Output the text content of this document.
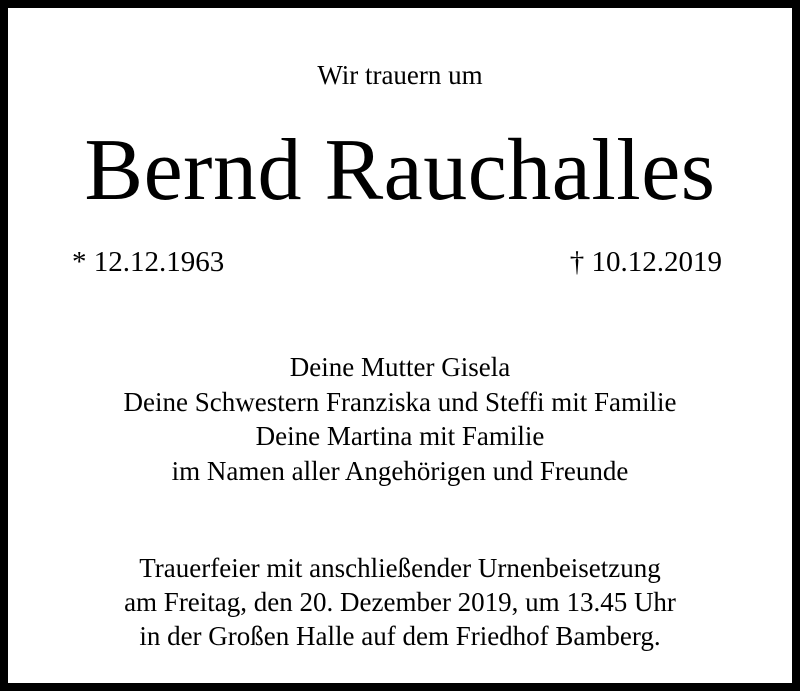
Wir trauern um
Bernd Rauchalles
* 12.12.1963	† 10.12.2019
Deine Mutter Gisela
Deine Schwestern Franziska und Steffi mit Familie
Deine Martina mit Familie
im Namen aller Angehörigen und Freunde
Trauerfeier mit anschließender Urnenbeisetzung
am Freitag, den 20. Dezember 2019, um 13.45 Uhr
in der Großen Halle auf dem Friedhof Bamberg.
